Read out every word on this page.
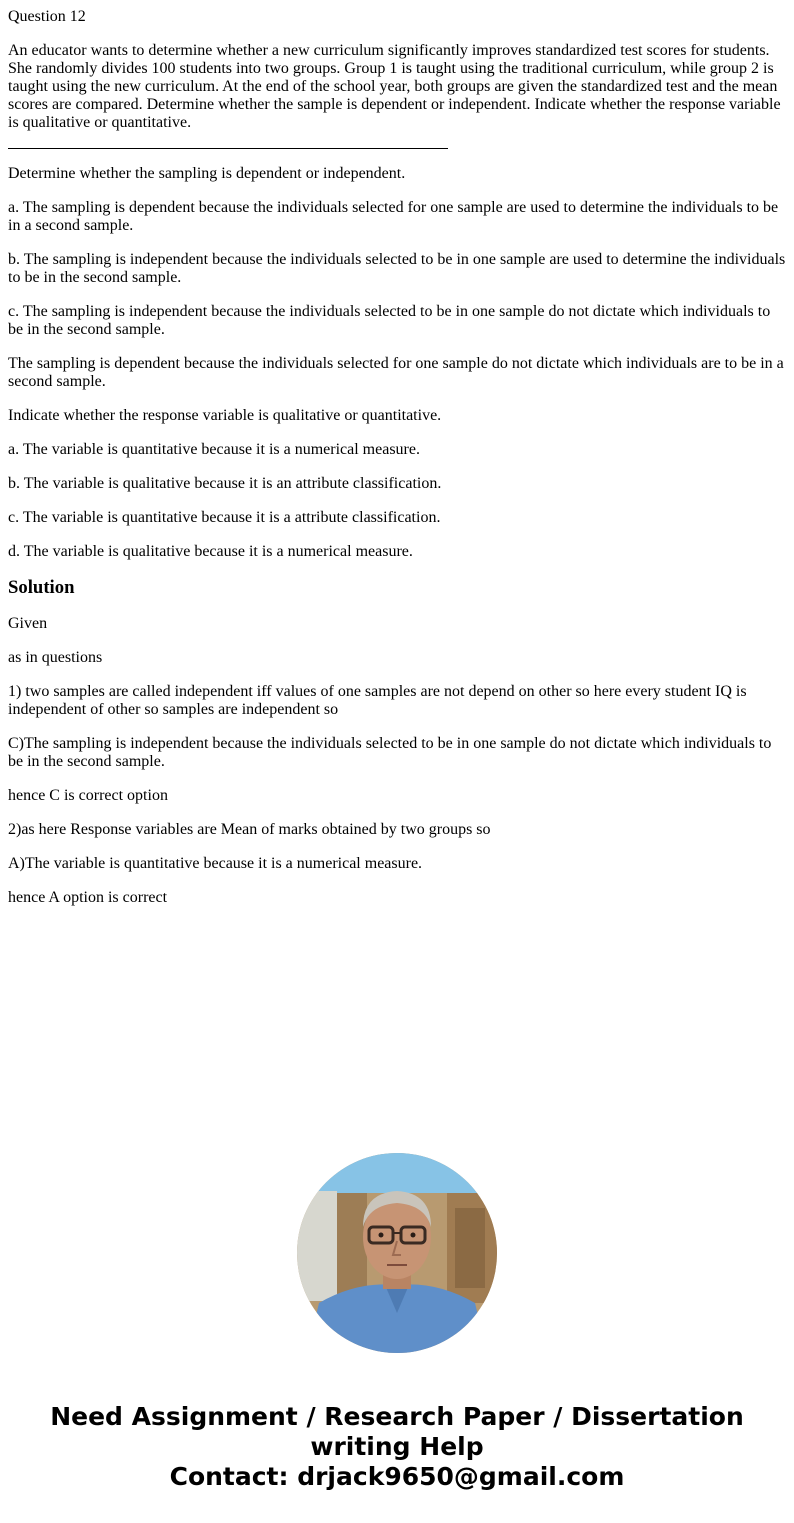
Question 12

An educator wants to determine whether a new curriculum significantly improves standardized test scores for students. She randomly divides 100 students into two groups. Group 1 is taught using the traditional curriculum, while group 2 is taught using the new curriculum. At the end of the school year, both groups are given the standardized test and the mean scores are compared. Determine whether the sample is dependent or independent. Indicate whether the response variable is qualitative or quantitative.

Determine whether the sampling is dependent or independent.

a. The sampling is dependent because the individuals selected for one sample are used to determine the individuals to be in a second sample.

b. The sampling is independent because the individuals selected to be in one sample are used to determine the individuals to be in the second sample.

c. The sampling is independent because the individuals selected to be in one sample do not dictate which individuals to be in the second sample.

The sampling is dependent because the individuals selected for one sample do not dictate which individuals are to be in a second sample.

Indicate whether the response variable is qualitative or quantitative.

a. The variable is quantitative because it is a numerical measure.

b. The variable is qualitative because it is an attribute classification.

c. The variable is quantitative because it is a attribute classification.

d. The variable is qualitative because it is a numerical measure.

Solution

Given

as in questions

1) two samples are called independent iff values of one samples are not depend on other so here every student IQ is independent of other so samples are independent so

C)The sampling is independent because the individuals selected to be in one sample do not dictate which individuals to be in the second sample.

hence C is correct option

2)as here Response variables are Mean of marks obtained by two groups so

A)The variable is quantitative because it is a numerical measure.

hence A option is correct

Need Assignment / Research Paper / Dissertation
writing Help
Contact: drjack9650@gmail.com
